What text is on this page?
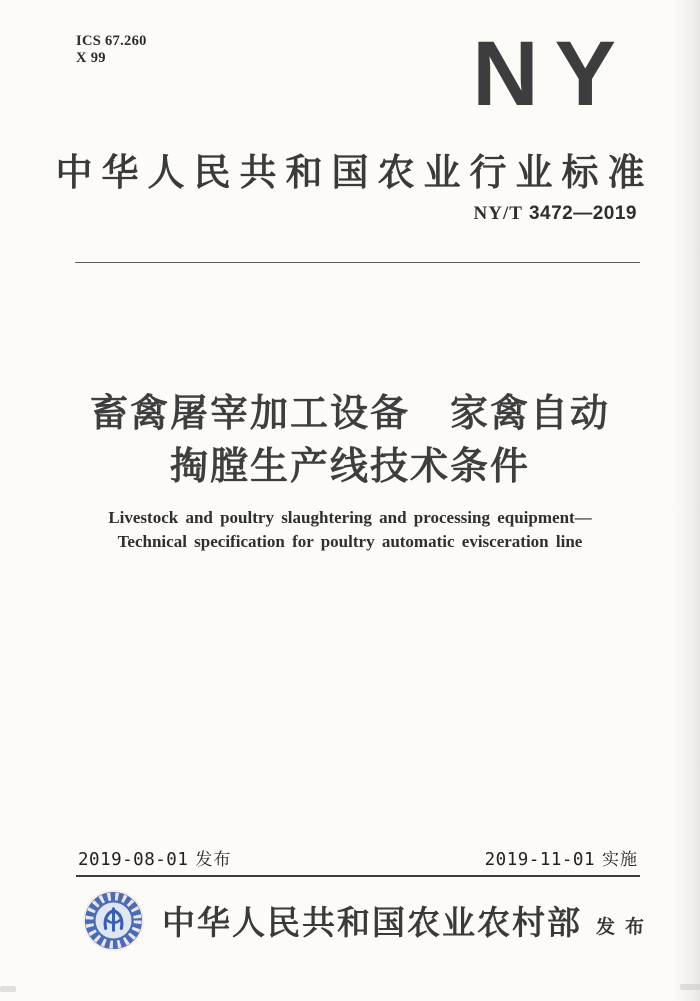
ICS 67.260
X 99	NY
中华人民共和国农业行业标准
NY/T 3472—2019
畜禽屠宰加工设备　家禽自动
掏膛生产线技术条件
Livestock and poultry slaughtering and processing equipment—
Technical specification for poultry automatic evisceration line
2019-08-01 发布	2019-11-01 实施
中华人民共和国农业农村部 发布
